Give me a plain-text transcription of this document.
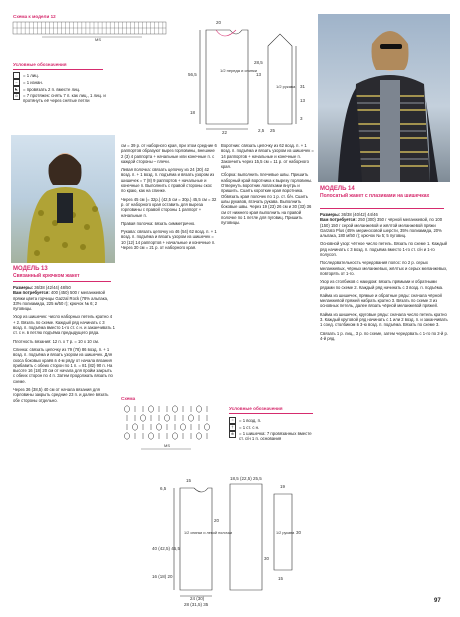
Схема к модели 12
MS
Условные обозначения
= 1 лиц.
–	= 1 изнан.
◣	= провязать 2 п. вместе лиц.
⊙	= 7 протяжек: снять 7 п. как лиц., 1 лиц. и протянуть её через снятые петли
20
56,5
1/2 переда и спинки
18
22
28,5
13
1/2 рукава 31
13
3
25
2,5
МОДЕЛЬ 13
Связанный крючком жакет
Размеры: 36/38 (42/44) 48/50
Вам потребуется: 400 (450) 500 г меланжевой пряжи цвета горчицы Gazzal Rock (78% альпака, 33% полиамида, 225 м/50 г); крючок № 6; 2 пуговицы.
Узор из шишечек: число наборных петель кратно 4 + 2. Вязать по схеме. Каждый ряд начинать с 3 возд. п. подъёма вместо 1-го ст. с н. и заканчивать 1 ст. с н. в петлю подъёма предыдущего ряда.
Плотность вязания: 12 п. х 7 р. = 10 х 10 см.
Спинка: связать цепочку из 79 (78) 86 возд. п. + 1 возд. п. подъёма и вязать узором из шишечек. Для скоса боковых краёв в 4-м ряду от начала вязания прибавить с обеих сторон по 1 п. = 81 (82) 90 п. На высоте 16 (18) 20 см от начала для пройм закрыть с обеих сторон по 4 п. Затем продолжать вязать по схеме.
Через 36 (38,5) 40 см от начала вязания для горловины закрыть средние 23 п. и далее вязать обе стороны отдельно.
см = 39 р. от наборного края, при этом средние 6 раппортов образуют вырез горловины, внешние 2 (3) 4 раппорта + начальные или конечные п. с каждой стороны – плечи.
Левая полочка: связать цепочку из 24 (30) 42 возд. п. + 1 возд. п. подъёма и вязать узором из шишечек = 7 (8) 9 раппортов + начальные и конечные п. Выполнить с правой стороны скос по краю, как на спинке.
Через 45 см (= 32р.) (42,5 см = 30р.) 45,5 см = 32 р. от наборного края оставить для выреза горловины с правой стороны 1 раппорт + начальные п.
Правая полочка: вязать симметрично.
Рукава: связать цепочку из 46 (54) 62 возд. п. + 1 возд. п. подъёма и вязать узором из шишечек = 10 (12) 14 раппортов + начальные и конечные п. Через 30 см = 21 р. от наборного края.
Воротник: связать цепочку из 62 возд. п. + 1 возд. п. подъёма и вязать узором из шишечек = 14 раппортов + начальные и конечные п. Закончить через 15,5 см = 11 р. от наборного края.
Сборка: выполнить плечевые швы. Пришить наборный край воротника к вырезу горловины. Отвернуть воротник лопатками внутрь и пришить. Сшить короткие края воротника. Обвязать края полочек по 1 р. ст. б/н. Сшить швы рукавов, втачать рукава. Выполнить боковые швы. Через 19 (23) 26 см и 30 (33) 36 см от нижнего края выполнить на правой полочке по 1 петле для пуговиц. Пришить пуговицы.
Схема
MS
Условные обозначения
○	= 1 возд. п.
†	= 1 ст. с н.
⊕	= 1 шишечка: 7 провязанных вместе ст. с/н 1 п. основания
6,5
15
1/2 спинки и левой полочки
40 (42,5) 45,5
16 (18) 20
24 (30)
28 (31,5) 35
20
18,5 (22,5) 25,5
30
19
1/2 рукава 30
15
МОДЕЛЬ 14
Полосатый жакет с плазиками на шишечках
Размеры: 36/38 (40/42) 44/46
Вам потребуется: 250 (300) 350 г чёрной меланжевой, по 100 (150) 150 г серой меланжевой и жёлтой меланжевой пряжи Garzato Plus (45% мериносовой шерсти, 35% полиамида, 20% альпака, 180 м/50 г); крючок № 5; 5 пуговиц.
Основной узор: чётное число петель. Вязать по схеме 1. Каждый ряд начинать с 3 возд. п. подъёма вместо 1-го ст. с/н и 1-го полусоп.
Последовательность чередования полос: по 2 р. серых меланжевых, чёрных меланжевых, жёлтых и серых меланжевых, повторять от 1-го.
Узор из столбиков с накидом: вязать прямыми и обратными рядами по схеме 2. Каждый ряд начинать с 3 возд. п. подъёма.
Кайма из шишечек, прямые и обратные ряды: сначала чёрной меланжевой пряжей набрать кратно 3. Вязать по схеме 3 из основных петель, далее вязать чёрной меланжевой пряжей.
Кайма из шишечек, круговые ряды: сначала число петель кратно 3. Каждый круговой ряд начинать с 1 или 2 возд. п. и заканчивать 1 соед. столбиком в 3-ю возд. п. подъёма. Вязать по схеме 3.
Связать 1 р. лиц., 3 р. по схеме, затем чередовать с 1-го по 2-й р. 4-й ряд.
97
